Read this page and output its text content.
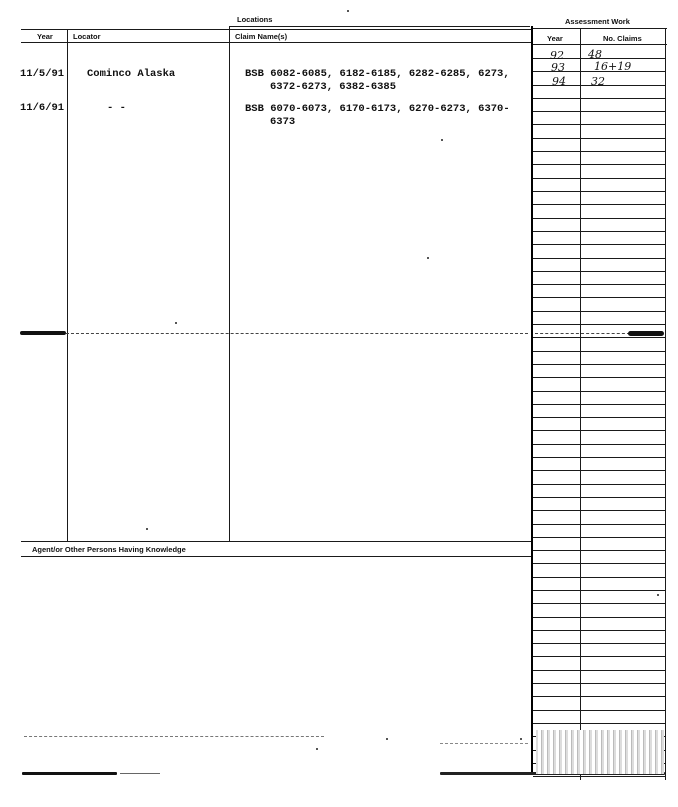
Locations	Assessment Work
Year	Locator	Claim Name(s)	Year	No. Claims
Agent/or Other Persons Having Knowledge
11/5/91 Cominco Alaska	BSB 6082-6085, 6182-6185, 6282-6285, 6273,
6372-6273, 6382-6385
11/6/91	- -	BSB 6070-6073, 6170-6173, 6270-6273, 6370-
6373
92 48
93	16+19
94 32
